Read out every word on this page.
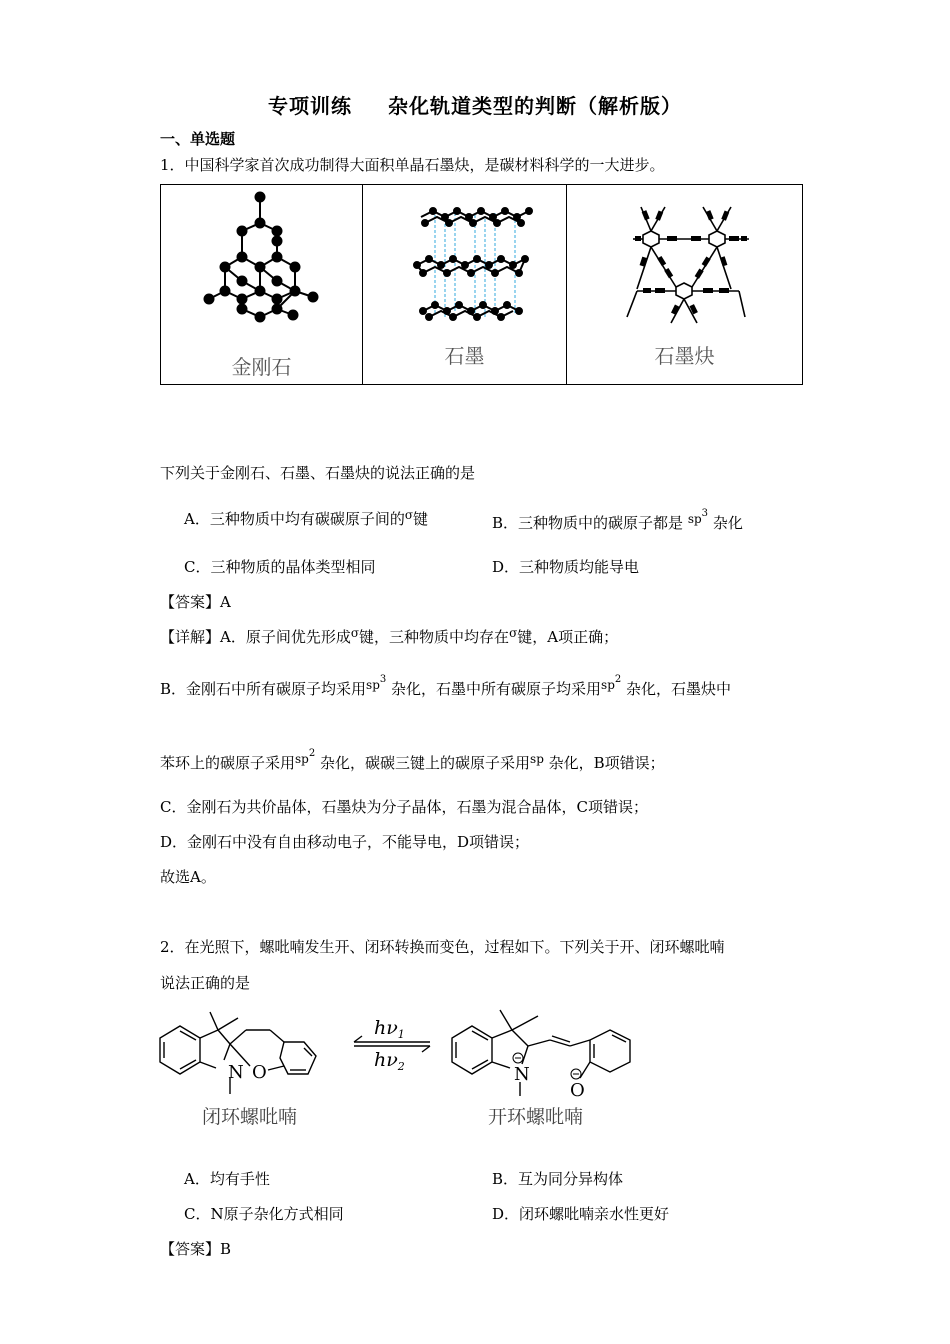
专项训练 杂化轨道类型的判断（解析版）
一、单选题
1．中国科学家首次成功制得大面积单晶石墨炔，是碳材料科学的一大进步。
金刚石	石墨	石墨炔
下列关于金刚石、石墨、石墨炔的说法正确的是
A．三种物质中均有碳碳原子间的$^\sigma$键	B．三种物质中的碳原子都是 $^{sp3}$ 杂化
C．三种物质的晶体类型相同	D．三种物质均能导电
【答案】A
【详解】A．原子间优先形成$^\sigma$键，三种物质中均存在$^\sigma$键，A项正确；
B．金刚石中所有碳原子均采用$^{sp3}$ 杂化，石墨中所有碳原子均采用$^{sp2}$ 杂化，石墨炔中
苯环上的碳原子采用$^{sp2}$ 杂化，碳碳三键上的碳原子采用$^{sp}$ 杂化，B项错误；
C．金刚石为共价晶体，石墨炔为分子晶体，石墨为混合晶体，C项错误；
D．金刚石中没有自由移动电子，不能导电，D项错误；
故选A。
2．在光照下，螺吡喃发生开、闭环转换而变色，过程如下。下列关于开、闭环螺吡喃
说法正确的是
N O
$h\nu_1$
$h\nu_2$	N
O
闭环螺吡喃	开环螺吡喃
A．均有手性	B．互为同分异构体
C．N原子杂化方式相同	D．闭环螺吡喃亲水性更好
【答案】B
